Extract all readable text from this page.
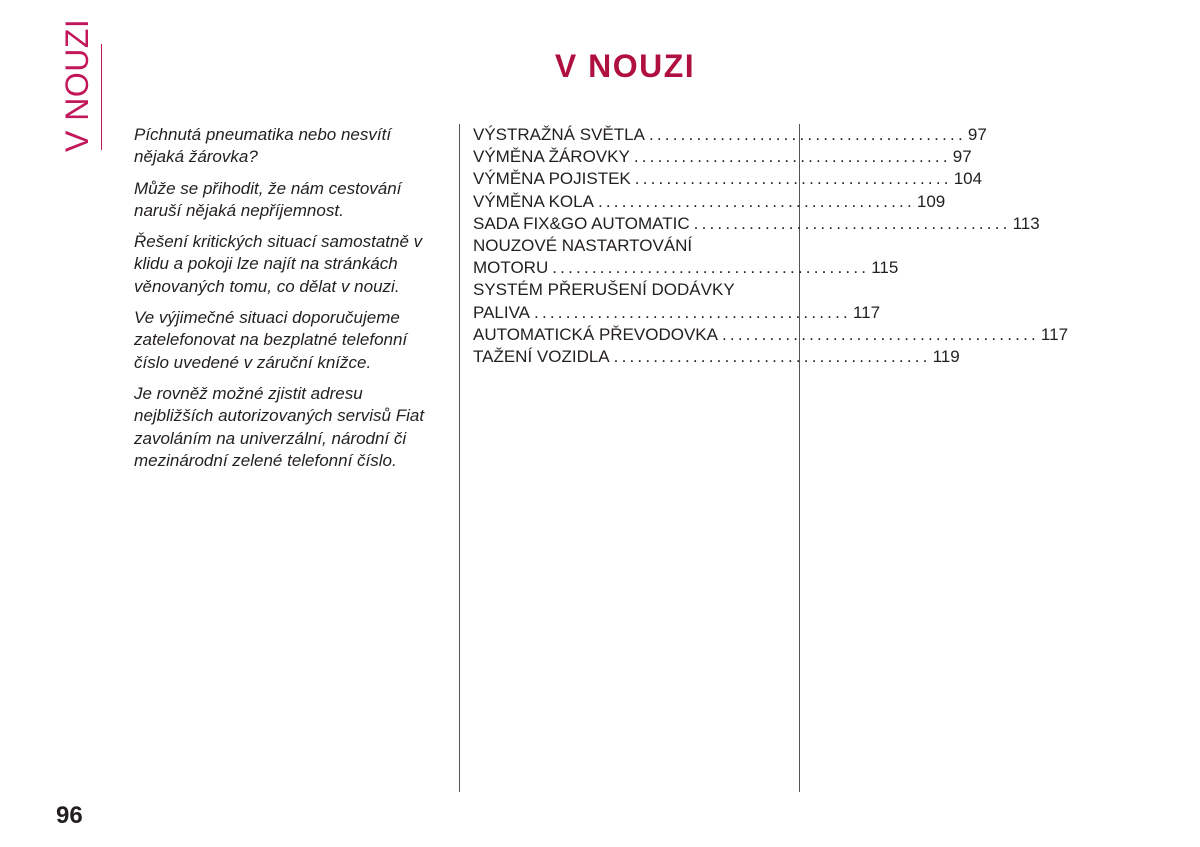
V NOUZI	V NOUZI

Píchnutá pneumatika nebo nesvítí nějaká žárovka?

Může se přihodit, že nám cestování naruší nějaká nepříjemnost.

Řešení kritických situací samostatně v klidu a pokoji lze najít na stránkách věnovaných tomu, co dělat v nouzi.

Ve výjimečné situaci doporučujeme zatelefonovat na bezplatné telefonní číslo uvedené v záruční knížce.

Je rovněž možné zjistit adresu nejbližších autorizovaných servisů Fiat zavoláním na univerzální, národní či mezinárodní zelené telefonní číslo.

VÝSTRAŽNÁ SVĚTLA ........................................ 97
VÝMĚNA ŽÁROVKY ........................................ 97
VÝMĚNA POJISTEK ........................................ 104
VÝMĚNA KOLA ........................................ 109
SADA FIX&GO AUTOMATIC ........................................ 113
NOUZOVÉ NASTARTOVÁNÍ
MOTORU ........................................ 115
SYSTÉM PŘERUŠENÍ DODÁVKY
PALIVA ........................................ 117
AUTOMATICKÁ PŘEVODOVKA ........................................ 117
TAŽENÍ VOZIDLA ........................................ 119
96
